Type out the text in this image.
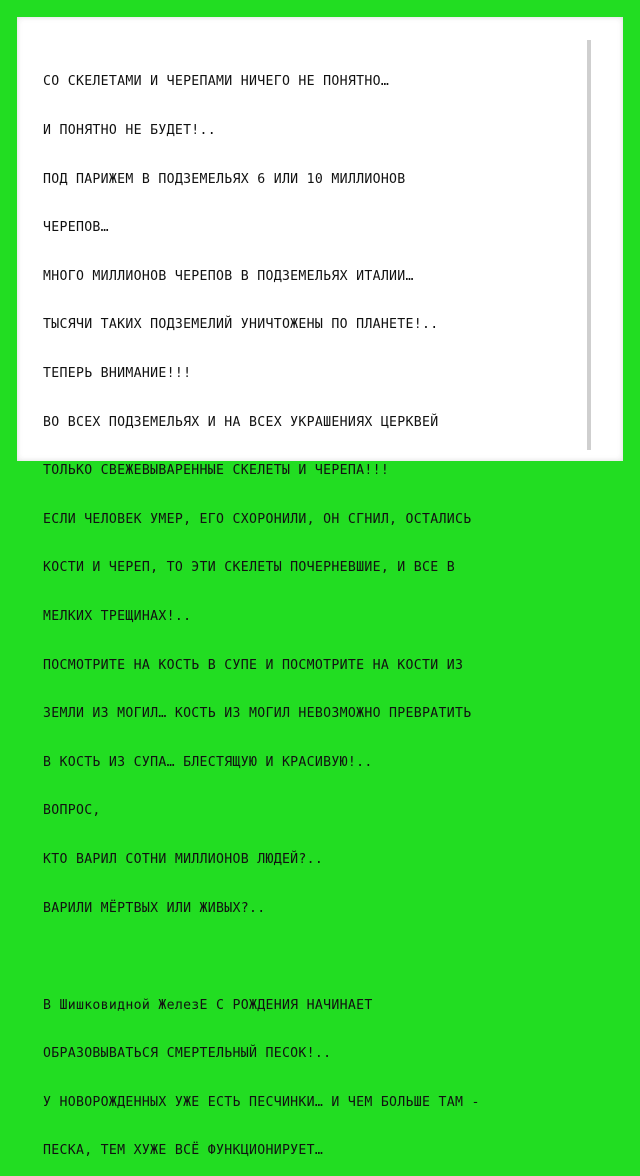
СО СКЕЛЕТАМИ И ЧЕРЕПАМИ НИЧЕГО НЕ ПОНЯТНО…

И ПОНЯТНО НЕ БУДЕТ!..

ПОД ПАРИЖЕМ В ПОДЗЕМЕЛЬЯХ 6 ИЛИ 10 МИЛЛИОНОВ

ЧЕРЕПОВ…

МНОГО МИЛЛИОНОВ ЧЕРЕПОВ В ПОДЗЕМЕЛЬЯХ ИТАЛИИ…

ТЫСЯЧИ ТАКИХ ПОДЗЕМЕЛИЙ УНИЧТОЖЕНЫ ПО ПЛАНЕТЕ!..

ТЕПЕРЬ ВНИМАНИЕ!!!

ВО ВСЕХ ПОДЗЕМЕЛЬЯХ И НА ВСЕХ УКРАШЕНИЯХ ЦЕРКВЕЙ

ТОЛЬКО СВЕЖЕВЫВАРЕННЫЕ СКЕЛЕТЫ И ЧЕРЕПА!!!

ЕСЛИ ЧЕЛОВЕК УМЕР, ЕГО СХОРОНИЛИ, ОН СГНИЛ, ОСТАЛИСЬ

КОСТИ И ЧЕРЕП, ТО ЭТИ СКЕЛЕТЫ ПОЧЕРНЕВШИЕ, И ВСЕ В

МЕЛКИХ ТРЕЩИНАХ!..

ПОСМОТРИТЕ НА КОСТЬ В СУПЕ И ПОСМОТРИТЕ НА КОСТИ ИЗ

ЗЕМЛИ ИЗ МОГИЛ… КОСТЬ ИЗ МОГИЛ НЕВОЗМОЖНО ПРЕВРАТИТЬ

В КОСТЬ ИЗ СУПА… БЛЕСТЯЩУЮ И КРАСИВУЮ!..

ВОПРОС,

КТО ВАРИЛ СОТНИ МИЛЛИОНОВ ЛЮДЕЙ?..

ВАРИЛИ МЁРТВЫХ ИЛИ ЖИВЫХ?..

В Шишковидной ЖелезЕ С РОЖДЕНИЯ НАЧИНАЕТ

ОБРАЗОВЫВАТЬСЯ СМЕРТЕЛЬНЫЙ ПЕСОК!..

У НОВОРОЖДЕННЫХ УЖЕ ЕСТЬ ПЕСЧИНКИ… И ЧЕМ БОЛЬШЕ ТАМ -

ПЕСКА, ТЕМ ХУЖЕ ВСЁ ФУНКЦИОНИРУЕТ…
